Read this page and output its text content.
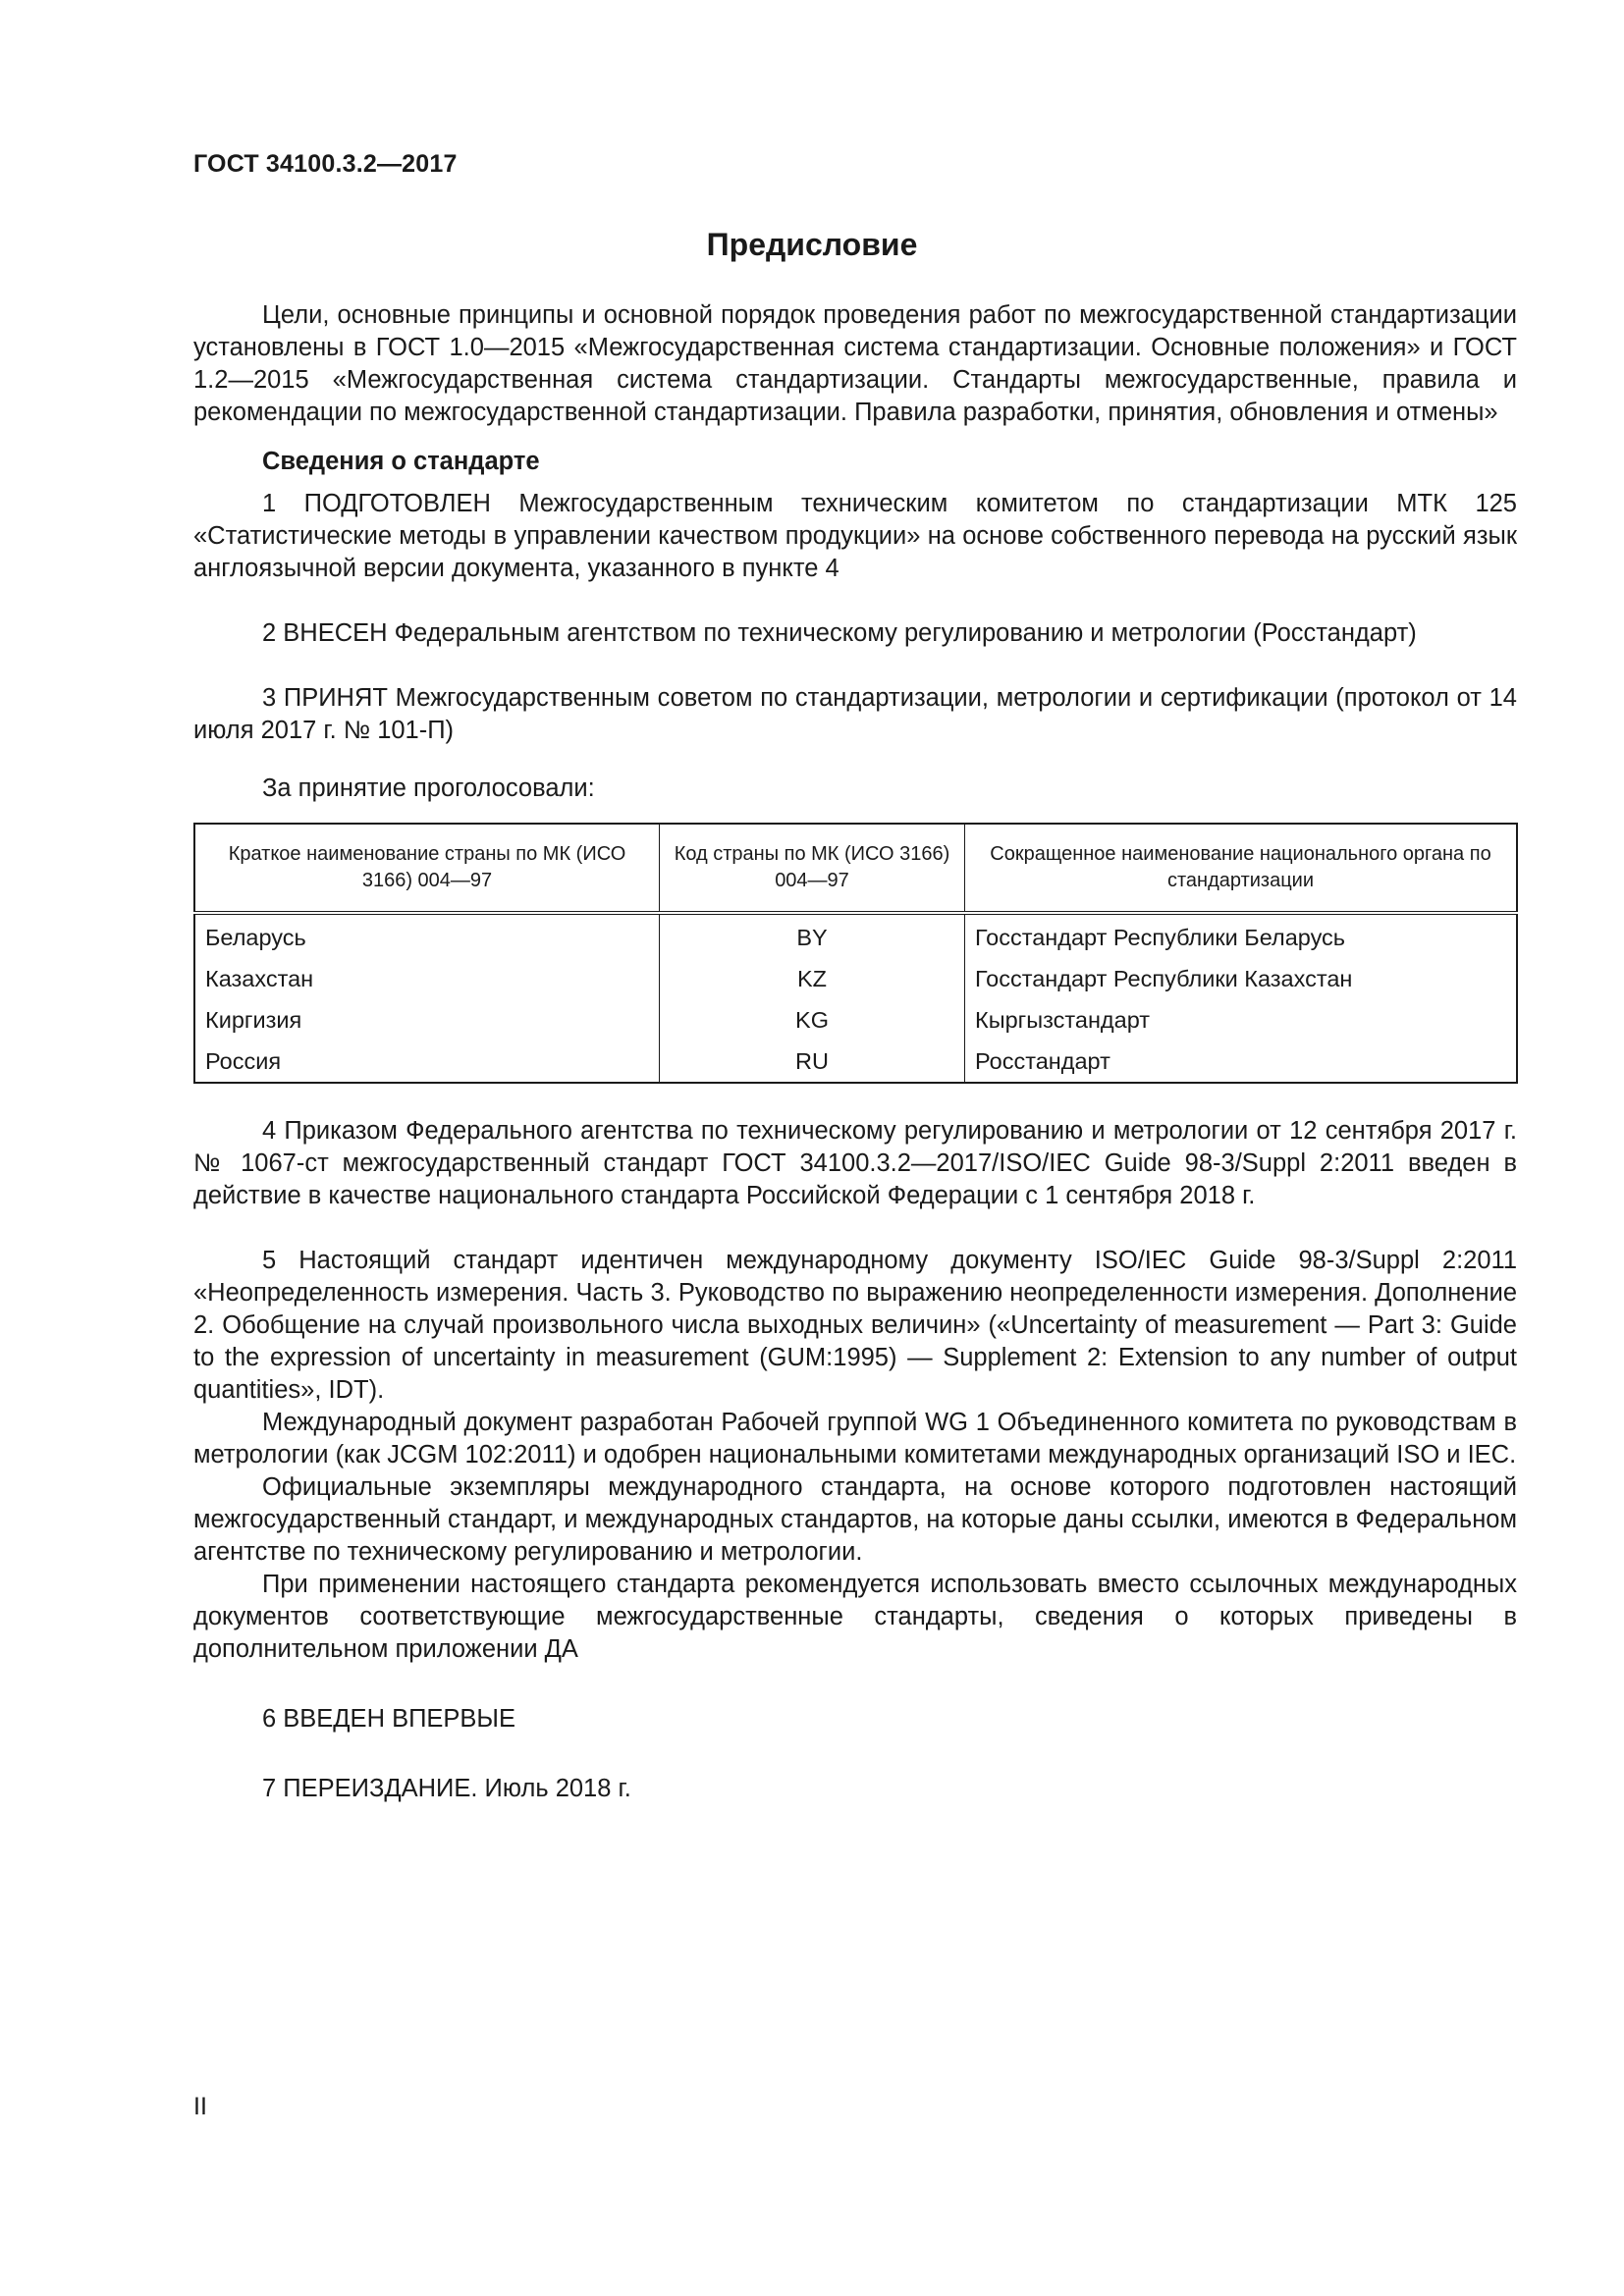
ГОСТ 34100.3.2—2017
Предисловие

Цели, основные принципы и основной порядок проведения работ по межгосударственной стандартизации установлены в ГОСТ 1.0—2015 «Межгосударственная система стандартизации. Основные положения» и ГОСТ 1.2—2015 «Межгосударственная система стандартизации. Стандарты межгосударственные, правила и рекомендации по межгосударственной стандартизации. Правила разработки, принятия, обновления и отмены»

Сведения о стандарте

1 ПОДГОТОВЛЕН Межгосударственным техническим комитетом по стандартизации МТК 125 «Статистические методы в управлении качеством продукции» на основе собственного перевода на русский язык англоязычной версии документа, указанного в пункте 4

2 ВНЕСЕН Федеральным агентством по техническому регулированию и метрологии (Росстандарт)

3 ПРИНЯТ Межгосударственным советом по стандартизации, метрологии и сертификации (протокол от 14 июля 2017 г. № 101-П)

За принятие проголосовали:

Краткое наименование страны по МК (ИСО 3166) 004—97	Код страны по МК (ИСО 3166) 004—97	Сокращенное наименование национального органа по стандартизации
Беларусь	BY	Госстандарт Республики Беларусь
Казахстан	KZ	Госстандарт Республики Казахстан
Киргизия	KG	Кыргызстандарт
Россия	RU	Росстандарт

4 Приказом Федерального агентства по техническому регулированию и метрологии от 12 сентября 2017 г. № 1067-ст межгосударственный стандарт ГОСТ 34100.3.2—2017/ISO/IEC Guide 98-3/Suppl 2:2011 введен в действие в качестве национального стандарта Российской Федерации с 1 сентября 2018 г.

5 Настоящий стандарт идентичен международному документу ISO/IEC Guide 98-3/Suppl 2:2011 «Неопределенность измерения. Часть 3. Руководство по выражению неопределенности измерения. Дополнение 2. Обобщение на случай произвольного числа выходных величин» («Uncertainty of measurement — Part 3: Guide to the expression of uncertainty in measurement (GUM:1995) — Supplement 2: Extension to any number of output quantities», IDT).

Международный документ разработан Рабочей группой WG 1 Объединенного комитета по руководствам в метрологии (как JCGM 102:2011) и одобрен национальными комитетами международных организаций ISO и IEC.

Официальные экземпляры международного стандарта, на основе которого подготовлен настоящий межгосударственный стандарт, и международных стандартов, на которые даны ссылки, имеются в Федеральном агентстве по техническому регулированию и метрологии.

При применении настоящего стандарта рекомендуется использовать вместо ссылочных международных документов соответствующие межгосударственные стандарты, сведения о которых приведены в дополнительном приложении ДА

6 ВВЕДЕН ВПЕРВЫЕ

7 ПЕРЕИЗДАНИЕ. Июль 2018 г.

II
